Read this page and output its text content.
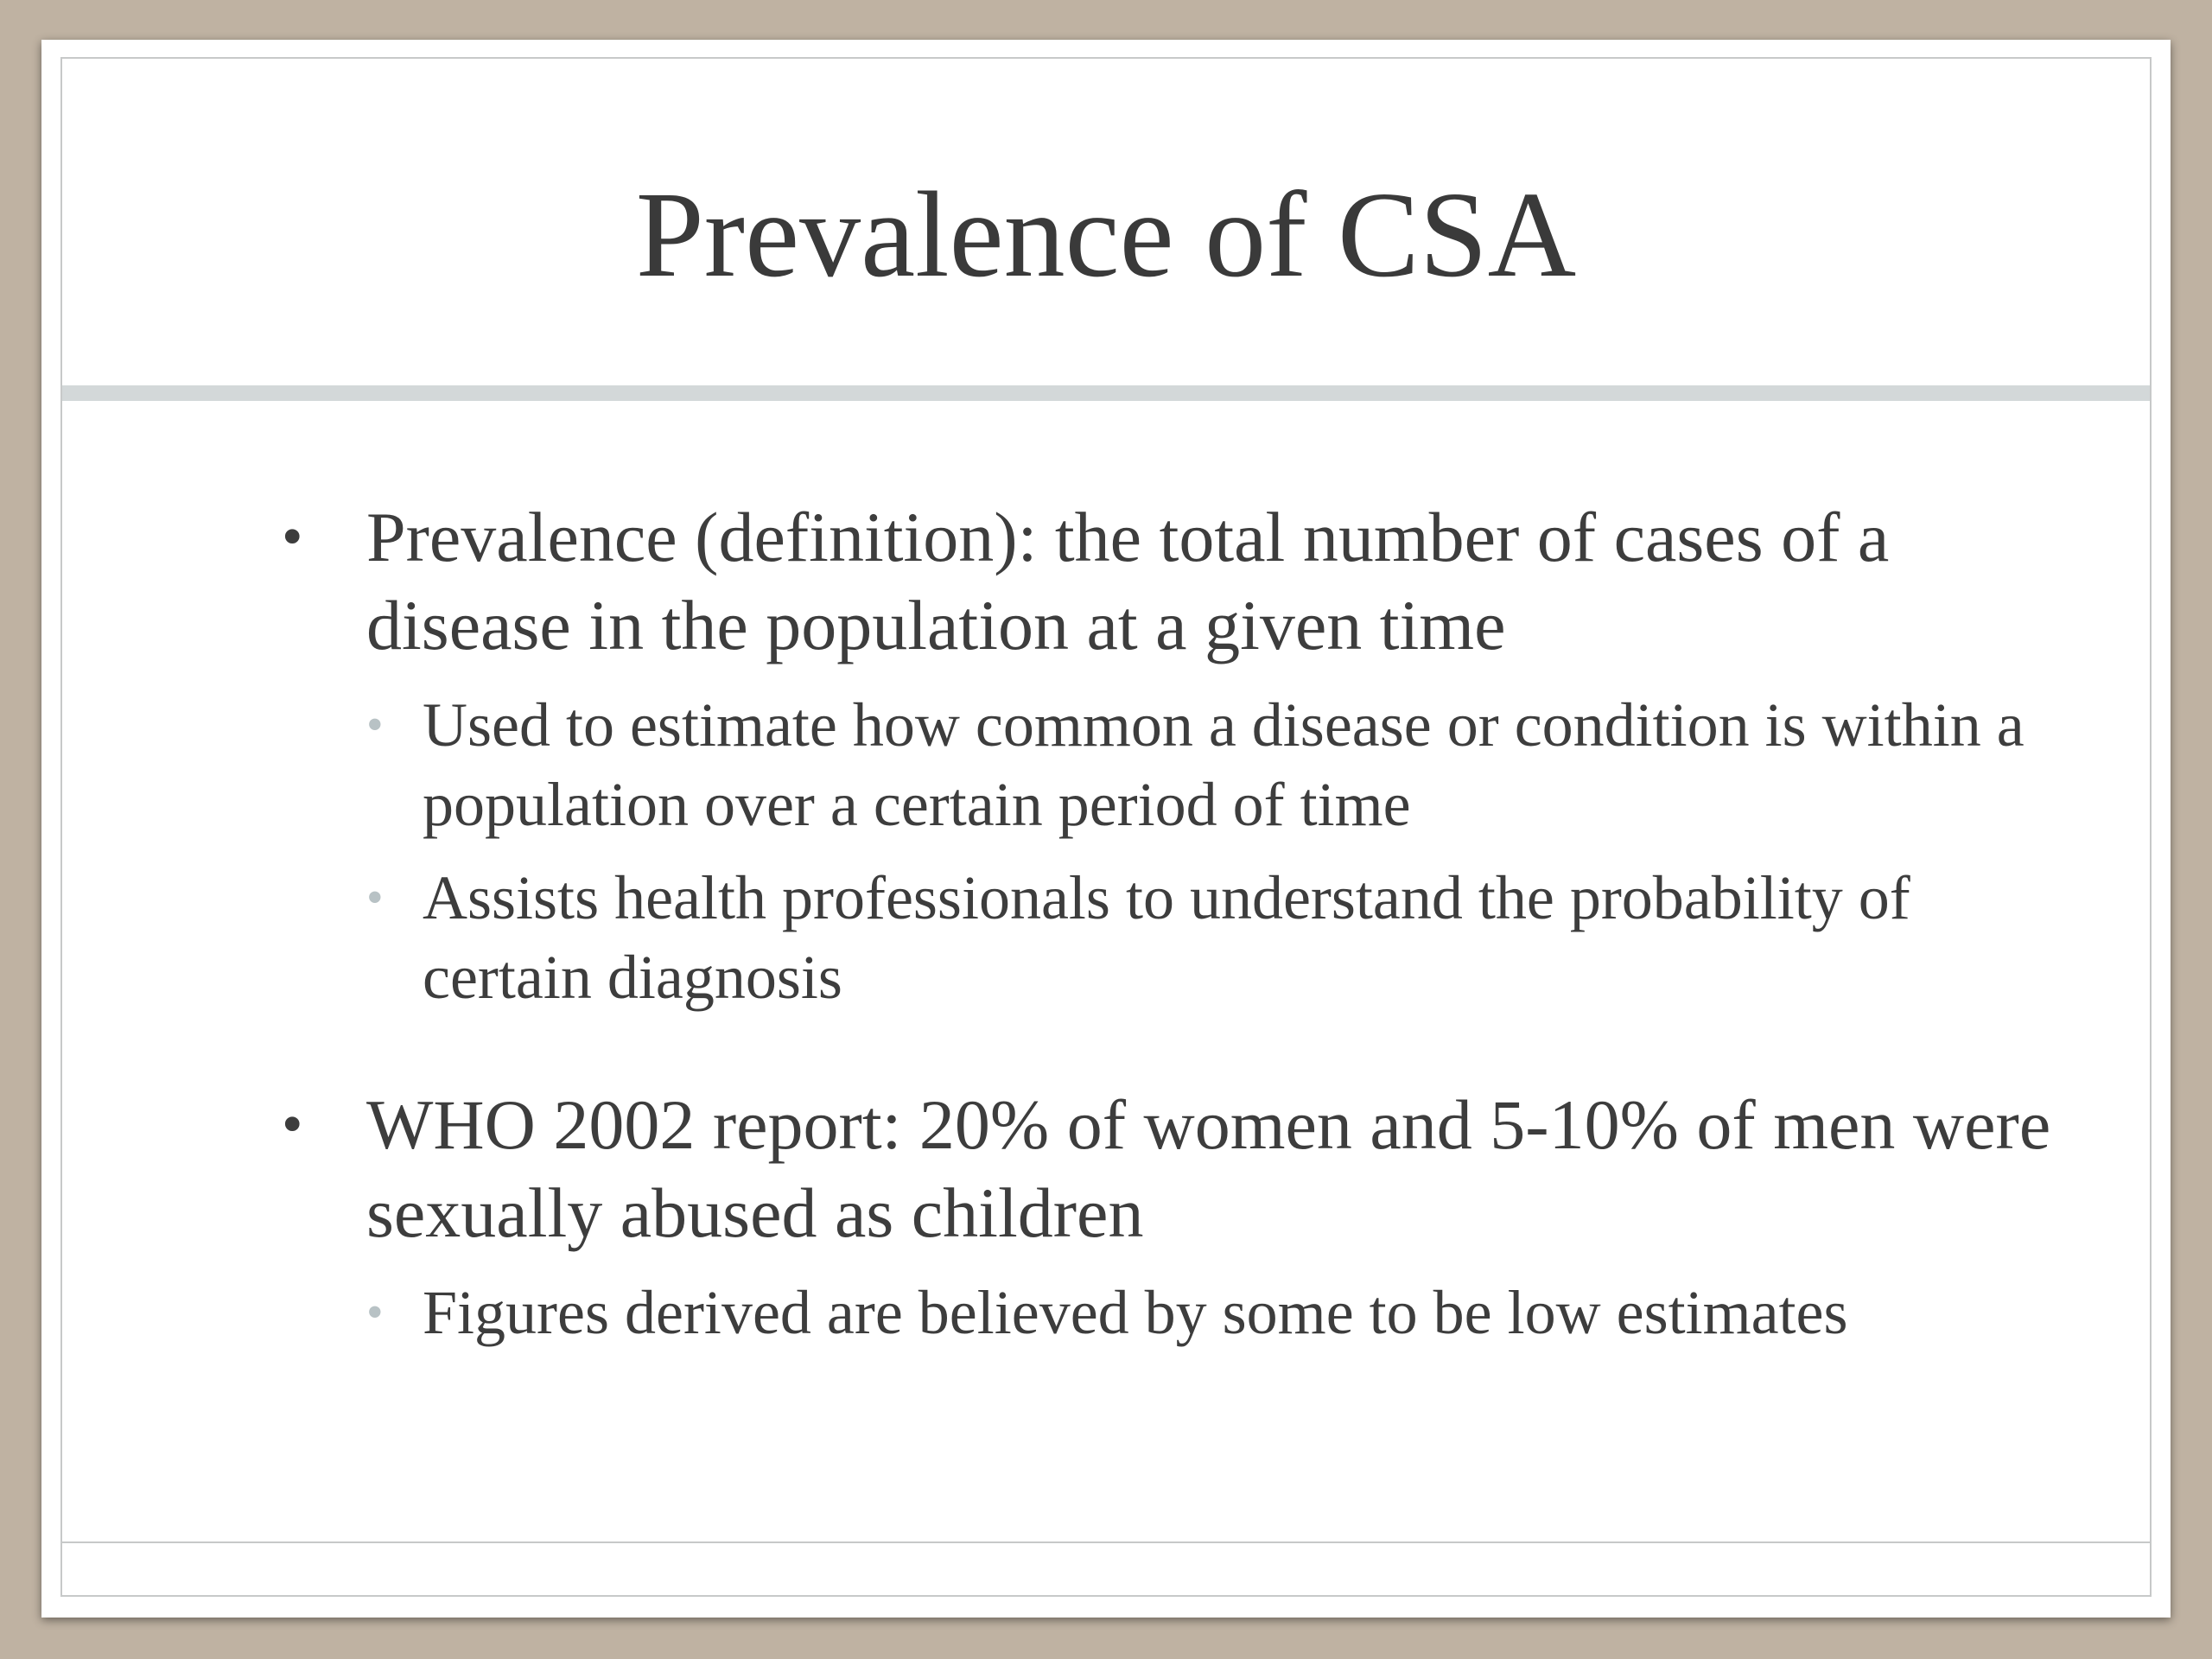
Prevalence of CSA

• Prevalence (definition): the total number of cases of a disease in the population at a given time

• Used to estimate how common a disease or condition is within a population over a certain period of time

• Assists health professionals to understand the probability of certain diagnosis

• WHO 2002 report: 20% of women and 5-10% of men were sexually abused as children

• Figures derived are believed by some to be low estimates
